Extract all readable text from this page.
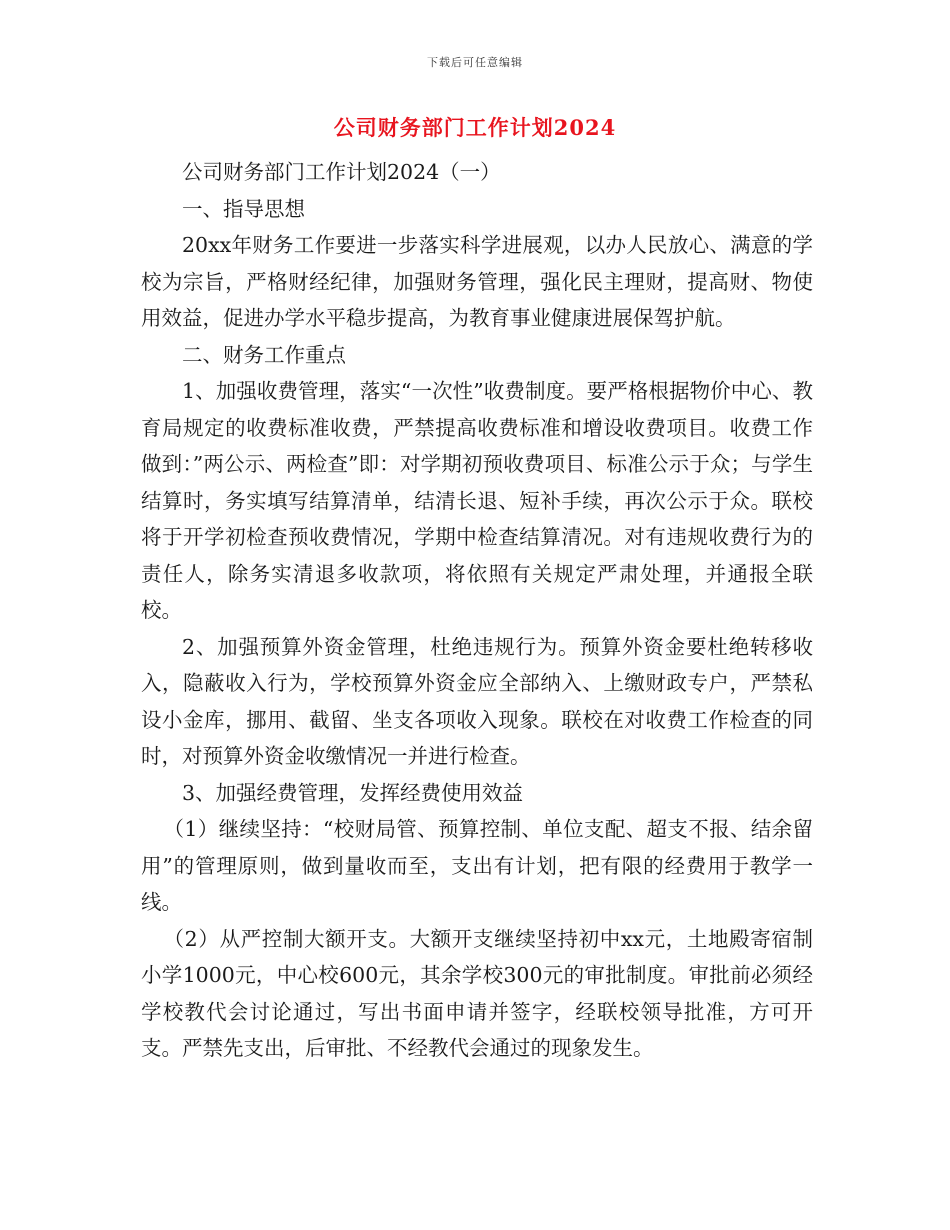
下载后可任意编辑
公司财务部门工作计划2024

公司财务部门工作计划2024（一）

一、指导思想

20xx年财务工作要进一步落实科学进展观，以办人民放心、满意的学校为宗旨，严格财经纪律，加强财务管理，强化民主理财，提高财、物使用效益，促进办学水平稳步提高，为教育事业健康进展保驾护航。

二、财务工作重点

1、加强收费管理，落实“一次性”收费制度。要严格根据物价中心、教育局规定的收费标准收费，严禁提高收费标准和增设收费项目。收费工作做到：”两公示、两检查”即：对学期初预收费项目、标准公示于众；与学生结算时，务实填写结算清单，结清长退、短补手续，再次公示于众。联校将于开学初检查预收费情况，学期中检查结算清况。对有违规收费行为的责任人，除务实清退多收款项，将依照有关规定严肃处理，并通报全联校。

2、加强预算外资金管理，杜绝违规行为。预算外资金要杜绝转移收入，隐蔽收入行为，学校预算外资金应全部纳入、上缴财政专户，严禁私设小金库，挪用、截留、坐支各项收入现象。联校在对收费工作检查的同时，对预算外资金收缴情况一并进行检查。

3、加强经费管理，发挥经费使用效益

（1）继续坚持：“校财局管、预算控制、单位支配、超支不报、结余留用”的管理原则，做到量收而至，支出有计划，把有限的经费用于教学一线。

（2）从严控制大额开支。大额开支继续坚持初中xx元，土地殿寄宿制小学1000元，中心校600元，其余学校300元的审批制度。审批前必须经学校教代会讨论通过，写出书面申请并签字，经联校领导批准，方可开支。严禁先支出，后审批、不经教代会通过的现象发生。
